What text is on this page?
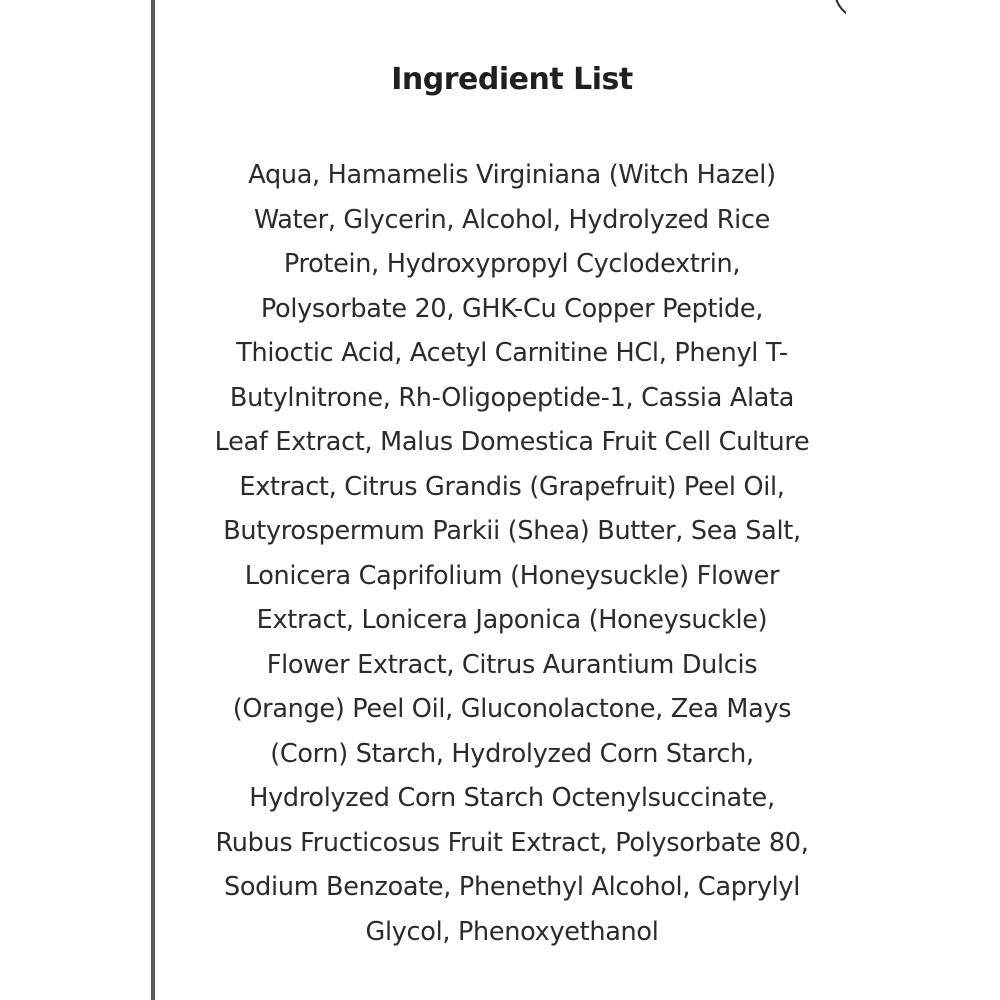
Ingredient List
Aqua, Hamamelis Virginiana (Witch Hazel)
Water, Glycerin, Alcohol, Hydrolyzed Rice
Protein, Hydroxypropyl Cyclodextrin,
Polysorbate 20, GHK-Cu Copper Peptide,
Thioctic Acid, Acetyl Carnitine HCl, Phenyl T-
Butylnitrone, Rh-Oligopeptide-1, Cassia Alata
Leaf Extract, Malus Domestica Fruit Cell Culture
Extract, Citrus Grandis (Grapefruit) Peel Oil,
Butyrospermum Parkii (Shea) Butter, Sea Salt,
Lonicera Caprifolium (Honeysuckle) Flower
Extract, Lonicera Japonica (Honeysuckle)
Flower Extract, Citrus Aurantium Dulcis
(Orange) Peel Oil, Gluconolactone, Zea Mays
(Corn) Starch, Hydrolyzed Corn Starch,
Hydrolyzed Corn Starch Octenylsuccinate,
Rubus Fructicosus Fruit Extract, Polysorbate 80,
Sodium Benzoate, Phenethyl Alcohol, Caprylyl
Glycol, Phenoxyethanol
